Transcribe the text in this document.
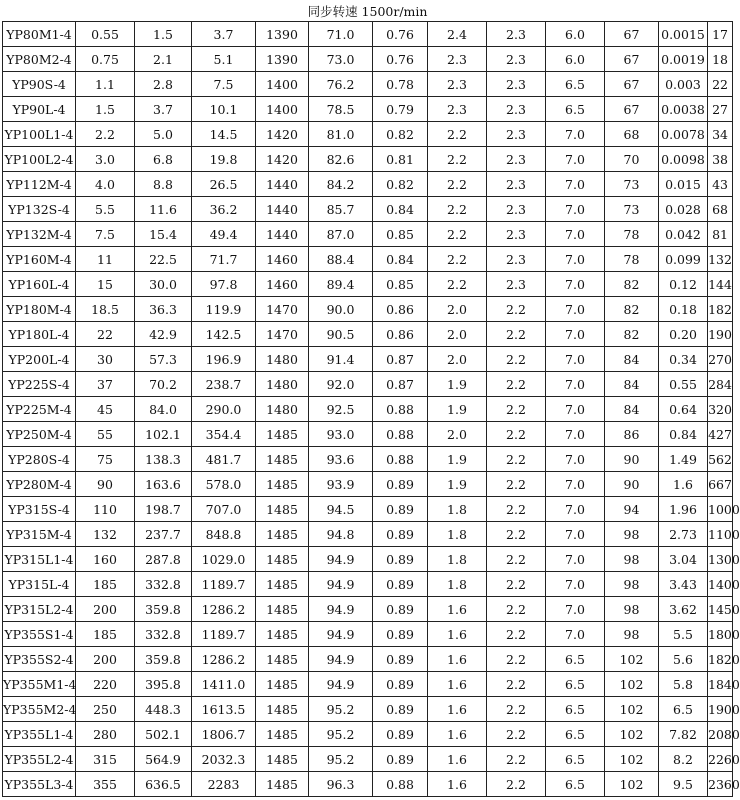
同步转速 1500r/min												
YP80M1-4	0.55	1.5	3.7	1390	71.0	0.76	2.4	2.3	6.0	67	0.0015	17
YP80M2-4	0.75	2.1	5.1	1390	73.0	0.76	2.3	2.3	6.0	67	0.0019	18
YP90S-4	1.1	2.8	7.5	1400	76.2	0.78	2.3	2.3	6.5	67	0.003	22
YP90L-4	1.5	3.7	10.1	1400	78.5	0.79	2.3	2.3	6.5	67	0.0038	27
YP100L1-4	2.2	5.0	14.5	1420	81.0	0.82	2.2	2.3	7.0	68	0.0078	34
YP100L2-4	3.0	6.8	19.8	1420	82.6	0.81	2.2	2.3	7.0	70	0.0098	38
YP112M-4	4.0	8.8	26.5	1440	84.2	0.82	2.2	2.3	7.0	73	0.015	43
YP132S-4	5.5	11.6	36.2	1440	85.7	0.84	2.2	2.3	7.0	73	0.028	68
YP132M-4	7.5	15.4	49.4	1440	87.0	0.85	2.2	2.3	7.0	78	0.042	81
YP160M-4	11	22.5	71.7	1460	88.4	0.84	2.2	2.3	7.0	78	0.099	132
YP160L-4	15	30.0	97.8	1460	89.4	0.85	2.2	2.3	7.0	82	0.12	144
YP180M-4	18.5	36.3	119.9	1470	90.0	0.86	2.0	2.2	7.0	82	0.18	182
YP180L-4	22	42.9	142.5	1470	90.5	0.86	2.0	2.2	7.0	82	0.20	190
YP200L-4	30	57.3	196.9	1480	91.4	0.87	2.0	2.2	7.0	84	0.34	270
YP225S-4	37	70.2	238.7	1480	92.0	0.87	1.9	2.2	7.0	84	0.55	284
YP225M-4	45	84.0	290.0	1480	92.5	0.88	1.9	2.2	7.0	84	0.64	320
YP250M-4	55	102.1	354.4	1485	93.0	0.88	2.0	2.2	7.0	86	0.84	427
YP280S-4	75	138.3	481.7	1485	93.6	0.88	1.9	2.2	7.0	90	1.49	562
YP280M-4	90	163.6	578.0	1485	93.9	0.89	1.9	2.2	7.0	90	1.6	667
YP315S-4	110	198.7	707.0	1485	94.5	0.89	1.8	2.2	7.0	94	1.96	1000
YP315M-4	132	237.7	848.8	1485	94.8	0.89	1.8	2.2	7.0	98	2.73	1100
YP315L1-4	160	287.8	1029.0	1485	94.9	0.89	1.8	2.2	7.0	98	3.04	1300
YP315L-4	185	332.8	1189.7	1485	94.9	0.89	1.8	2.2	7.0	98	3.43	1400
YP315L2-4	200	359.8	1286.2	1485	94.9	0.89	1.6	2.2	7.0	98	3.62	1450
YP355S1-4	185	332.8	1189.7	1485	94.9	0.89	1.6	2.2	7.0	98	5.5	1800
YP355S2-4	200	359.8	1286.2	1485	94.9	0.89	1.6	2.2	6.5	102	5.6	1820
YP355M1-4	220	395.8	1411.0	1485	94.9	0.89	1.6	2.2	6.5	102	5.8	1840
YP355M2-4	250	448.3	1613.5	1485	95.2	0.89	1.6	2.2	6.5	102	6.5	1900
YP355L1-4	280	502.1	1806.7	1485	95.2	0.89	1.6	2.2	6.5	102	7.82	2080
YP355L2-4	315	564.9	2032.3	1485	95.2	0.89	1.6	2.2	6.5	102	8.2	2260
YP355L3-4	355	636.5	2283	1485	96.3	0.88	1.6	2.2	6.5	102	9.5	2360
